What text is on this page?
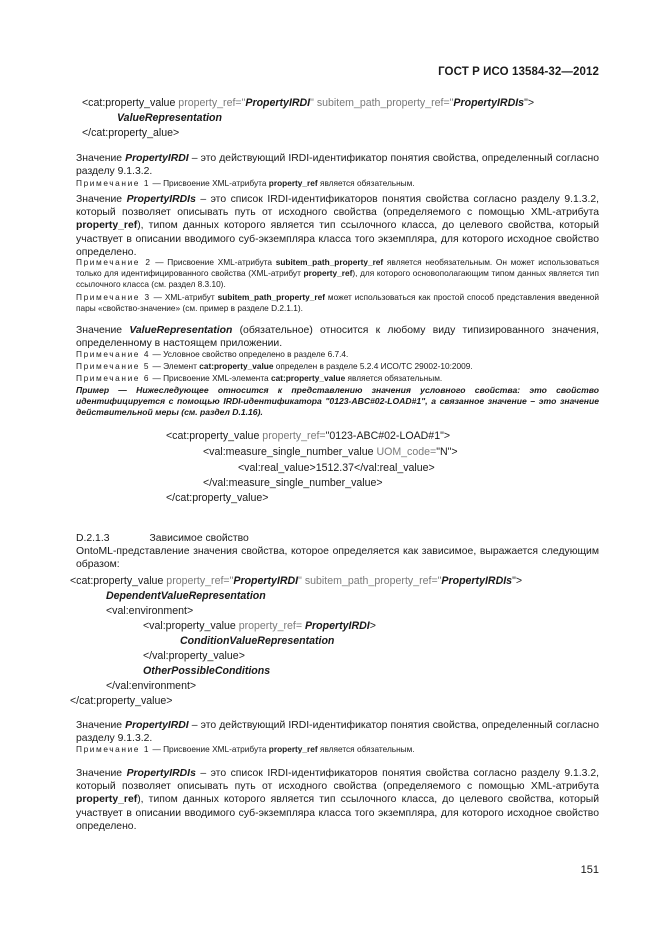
ГОСТ Р ИСО 13584-32—2012
<cat:property_value property_ref="PropertyIRDI" subitem_path_property_ref="PropertyIRDIs">
ValueRepresentation
</cat:property_alue>
Значение PropertyIRDI – это действующий IRDI-идентификатор понятия свойства, определенный согласно разделу 9.1.3.2.
Примечание 1 — Присвоение XML-атрибута property_ref является обязательным.
Значение PropertyIRDIs – это список IRDI-идентификаторов понятия свойства согласно разделу 9.1.3.2, который позволяет описывать путь от исходного свойства (определяемого с помощью XML-атрибута property_ref), типом данных которого является тип ссылочного класса, до целевого свойства, который участвует в описании вводимого суб-экземпляра класса того экземпляра, для которого исходное свойство определено.
Примечание 2 — Присвоение XML-атрибута subitem_path_property_ref является необязательным. Он может использоваться только для идентифицированного свойства (XML-атрибут property_ref), для которого основополагающим типом данных является тип ссылочного класса (см. раздел 8.3.10).
Примечание 3 — XML-атрибут subitem_path_property_ref может использоваться как простой способ представления введенной пары «свойство-значение» (см. пример в разделе D.2.1.1).
Значение ValueRepresentation (обязательное) относится к любому виду типизированного значения, определенному в настоящем приложении.
Примечание 4 — Условное свойство определено в разделе 6.7.4.
Примечание 5 — Элемент cat:property_value определен в разделе 5.2.4 ИСО/ТС 29002-10:2009.
Примечание 6 — Присвоение XML-элемента cat:property_value является обязательным.
Пример — Нижеследующее относится к представлению значения условного свойства: это свойство идентифицируется с помощью IRDI-идентификатора "0123-ABC#02-LOAD#1", а связанное значение – это значение действительной меры (см. раздел D.1.16).
<cat:property_value property_ref="0123-ABC#02-LOAD#1">
<val:measure_single_number_value UOM_code="N">
<val:real_value>1512.37</val:real_value>
</val:measure_single_number_value>
</cat:property_value>
D.2.1.3	Зависимое свойство
OntoML-представление значения свойства, которое определяется как зависимое, выражается следующим образом:
<cat:property_value property_ref="PropertyIRDI" subitem_path_property_ref="PropertyIRDIs">
DependentValueRepresentation
<val:environment>
<val:property_value property_ref= PropertyIRDI>
ConditionValueRepresentation
</val:property_value>
OtherPossibleConditions
</val:environment>
</cat:property_value>
Значение PropertyIRDI – это действующий IRDI-идентификатор понятия свойства, определенный согласно разделу 9.1.3.2.
Примечание 1 — Присвоение XML-атрибута property_ref является обязательным.
Значение PropertyIRDIs – это список IRDI-идентификаторов понятия свойства согласно разделу 9.1.3.2, который позволяет описывать путь от исходного свойства (определяемого с помощью XML-атрибута property_ref), типом данных которого является тип ссылочного класса, до целевого свойства, который участвует в описании вводимого суб-экземпляра класса того экземпляра, для которого исходное свойство определено.
151
